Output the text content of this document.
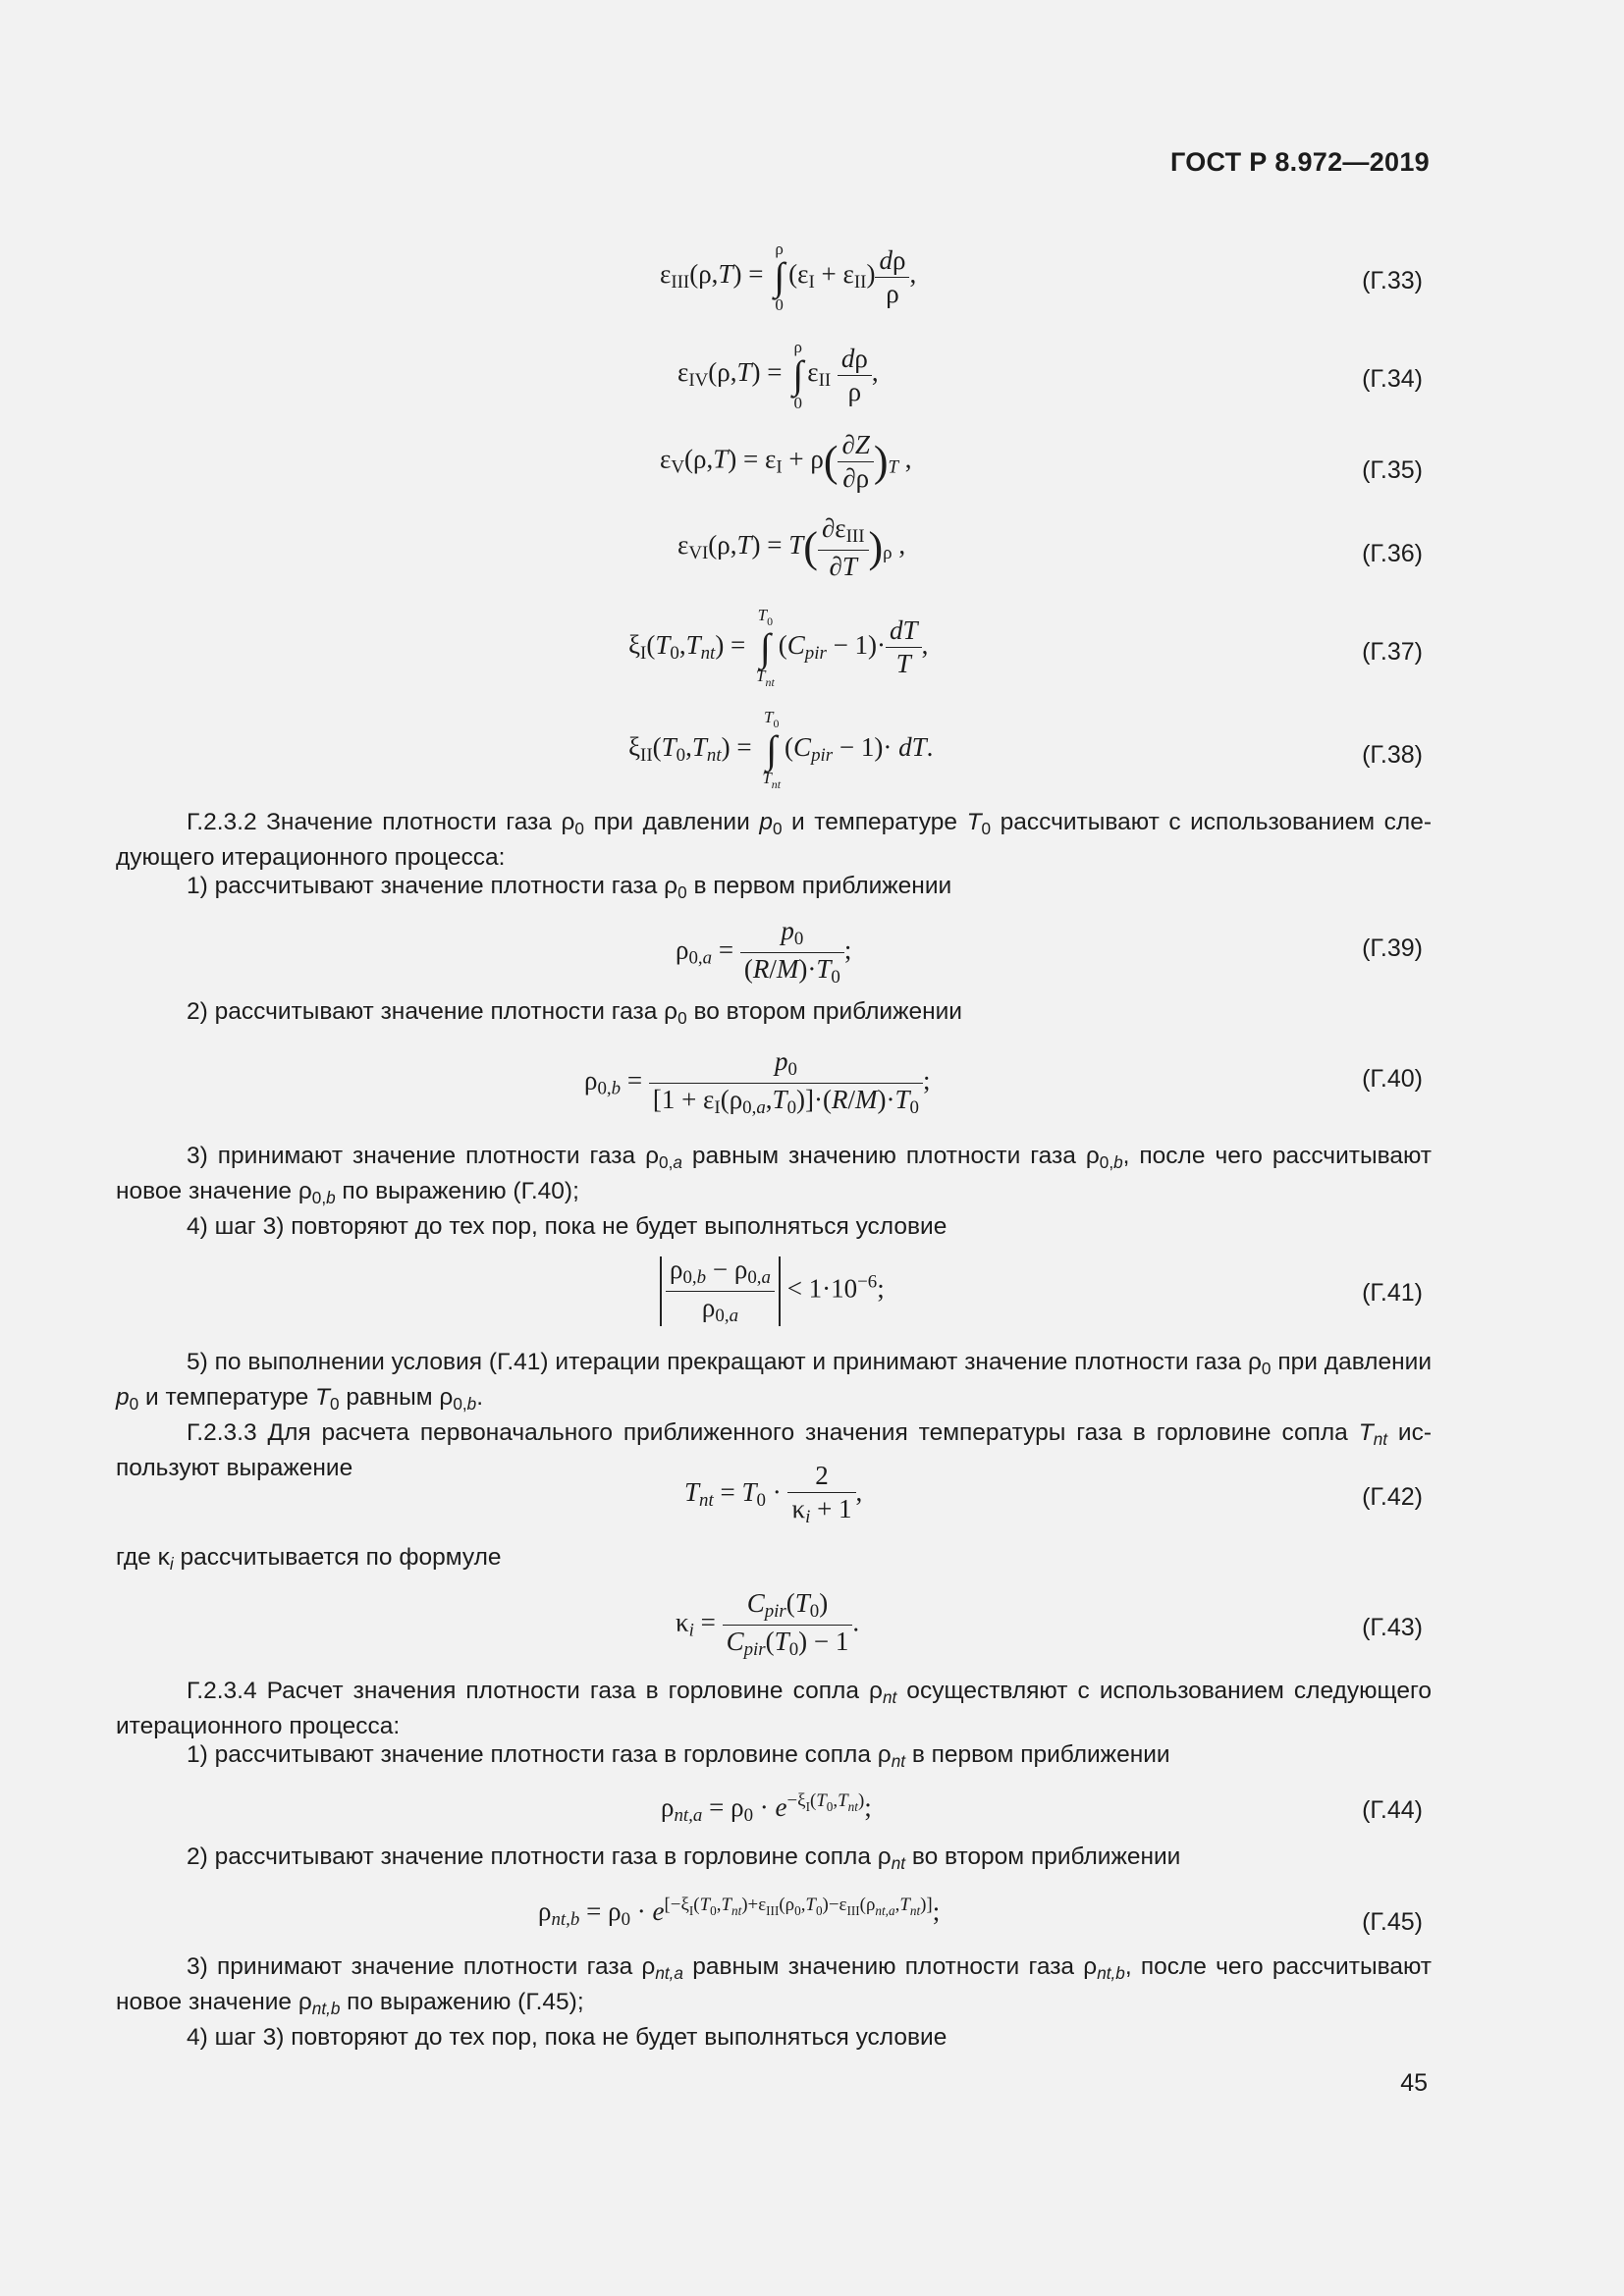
ГОСТ Р 8.972—2019
$\varepsilon_{III}(\rho,T)$ =
ρ
∫
0
$(\varepsilon_I + \varepsilon_{II}) \frac{d\rho}{\rho}$ ,	(Г.33)
$\varepsilon_{IV}(\rho,T)$ =
ρ
∫
0
$\varepsilon_{II} \frac{d\rho}{\rho}$ ,	(Г.34)
$\varepsilon_V(\rho,T) = \varepsilon_I + \rho( \frac{\partial Z}{\partial\rho} )_T$ ,	(Г.35)
$\varepsilon_{VI}(\rho,T) = T( \frac{\partial\varepsilon_{III}}{\partial T} )_\rho$ ,	(Г.36)
$\xi_I(T_0,T_{nt})$ =
$T_0$
∫
$T_{nt}$
$(C_{pir} - 1)\cdot \frac{dT}{T}$ ,	(Г.37)
$\xi_{II}(T_0,T_{nt})$ =
$T_0$
∫
$T_{nt}$
$(C_{pir} - 1)\cdot$ dT.	(Г.38)

Г.2.3.2 Значение плотности газа $\rho_0$ при давлении $p_0$ и температуре $T_0$ рассчитывают с использованием следующего итерационного процесса:

1) рассчитывают значение плотности газа $\rho_0$ в первом приближении

$\rho_{0,a} = \frac{p_0}{(R/M)\cdot T_0}$ ;	(Г.39)

2) рассчитывают значение плотности газа $\rho_0$ во втором приближении

$\rho_{0,b} = \frac{p_0}{[1 + \varepsilon_I(\rho_{0,a},T_0)]\cdot(R/M)\cdot T_0}$ ;	(Г.40)

3) принимают значение плотности газа $\rho_{0,a}$ равным значению плотности газа $\rho_{0,b}$, после чего рассчитывают новое значение $\rho_{0,b}$ по выражению (Г.40);

4) шаг 3) повторяют до тех пор, пока не будет выполняться условие

$\frac{\rho_{0,b} - \rho_{0,a}}{\rho_{0,a}} < 1\cdot 10^{-6}$;	(Г.41)

5) по выполнении условия (Г.41) итерации прекращают и принимают значение плотности газа $\rho_0$ при давлении $p_0$ и температуре $T_0$ равным $\rho_{0,b}$.

Г.2.3.3 Для расчета первоначального приближенного значения температуры газа в горловине сопла $T_{nt}$ используют выражение

$T_{nt} = T_0 \cdot \frac{2}{\kappa_i + 1}$ ,	(Г.42)

где $\kappa_i$ рассчитывается по формуле

$\kappa_i = \frac{C_{pir}(T_0)}{C_{pir}(T_0) - 1}$ .	(Г.43)

Г.2.3.4 Расчет значения плотности газа в горловине сопла $\rho_{nt}$ осуществляют с использованием следующего итерационного процесса:

1) рассчитывают значение плотности газа в горловине сопла $\rho_{nt}$ в первом приближении

$\rho_{nt,a} = \rho_0 \cdot e^{-\xi_I(T_0,T_{nt})}$;	(Г.44)

2) рассчитывают значение плотности газа в горловине сопла $\rho_{nt}$ во втором приближении

$\rho_{nt,b} = \rho_0 \cdot e[-\xi I(T0,Tnt)+\varepsilon III(\rho 0,T0)-\varepsilon III(\rho nt,a,Tnt)]$;	(Г.45)

3) принимают значение плотности газа $\rho_{nt,a}$ равным значению плотности газа $\rho_{nt,b}$, после чего рассчитывают новое значение $\rho_{nt,b}$ по выражению (Г.45);

4) шаг 3) повторяют до тех пор, пока не будет выполняться условие

45
